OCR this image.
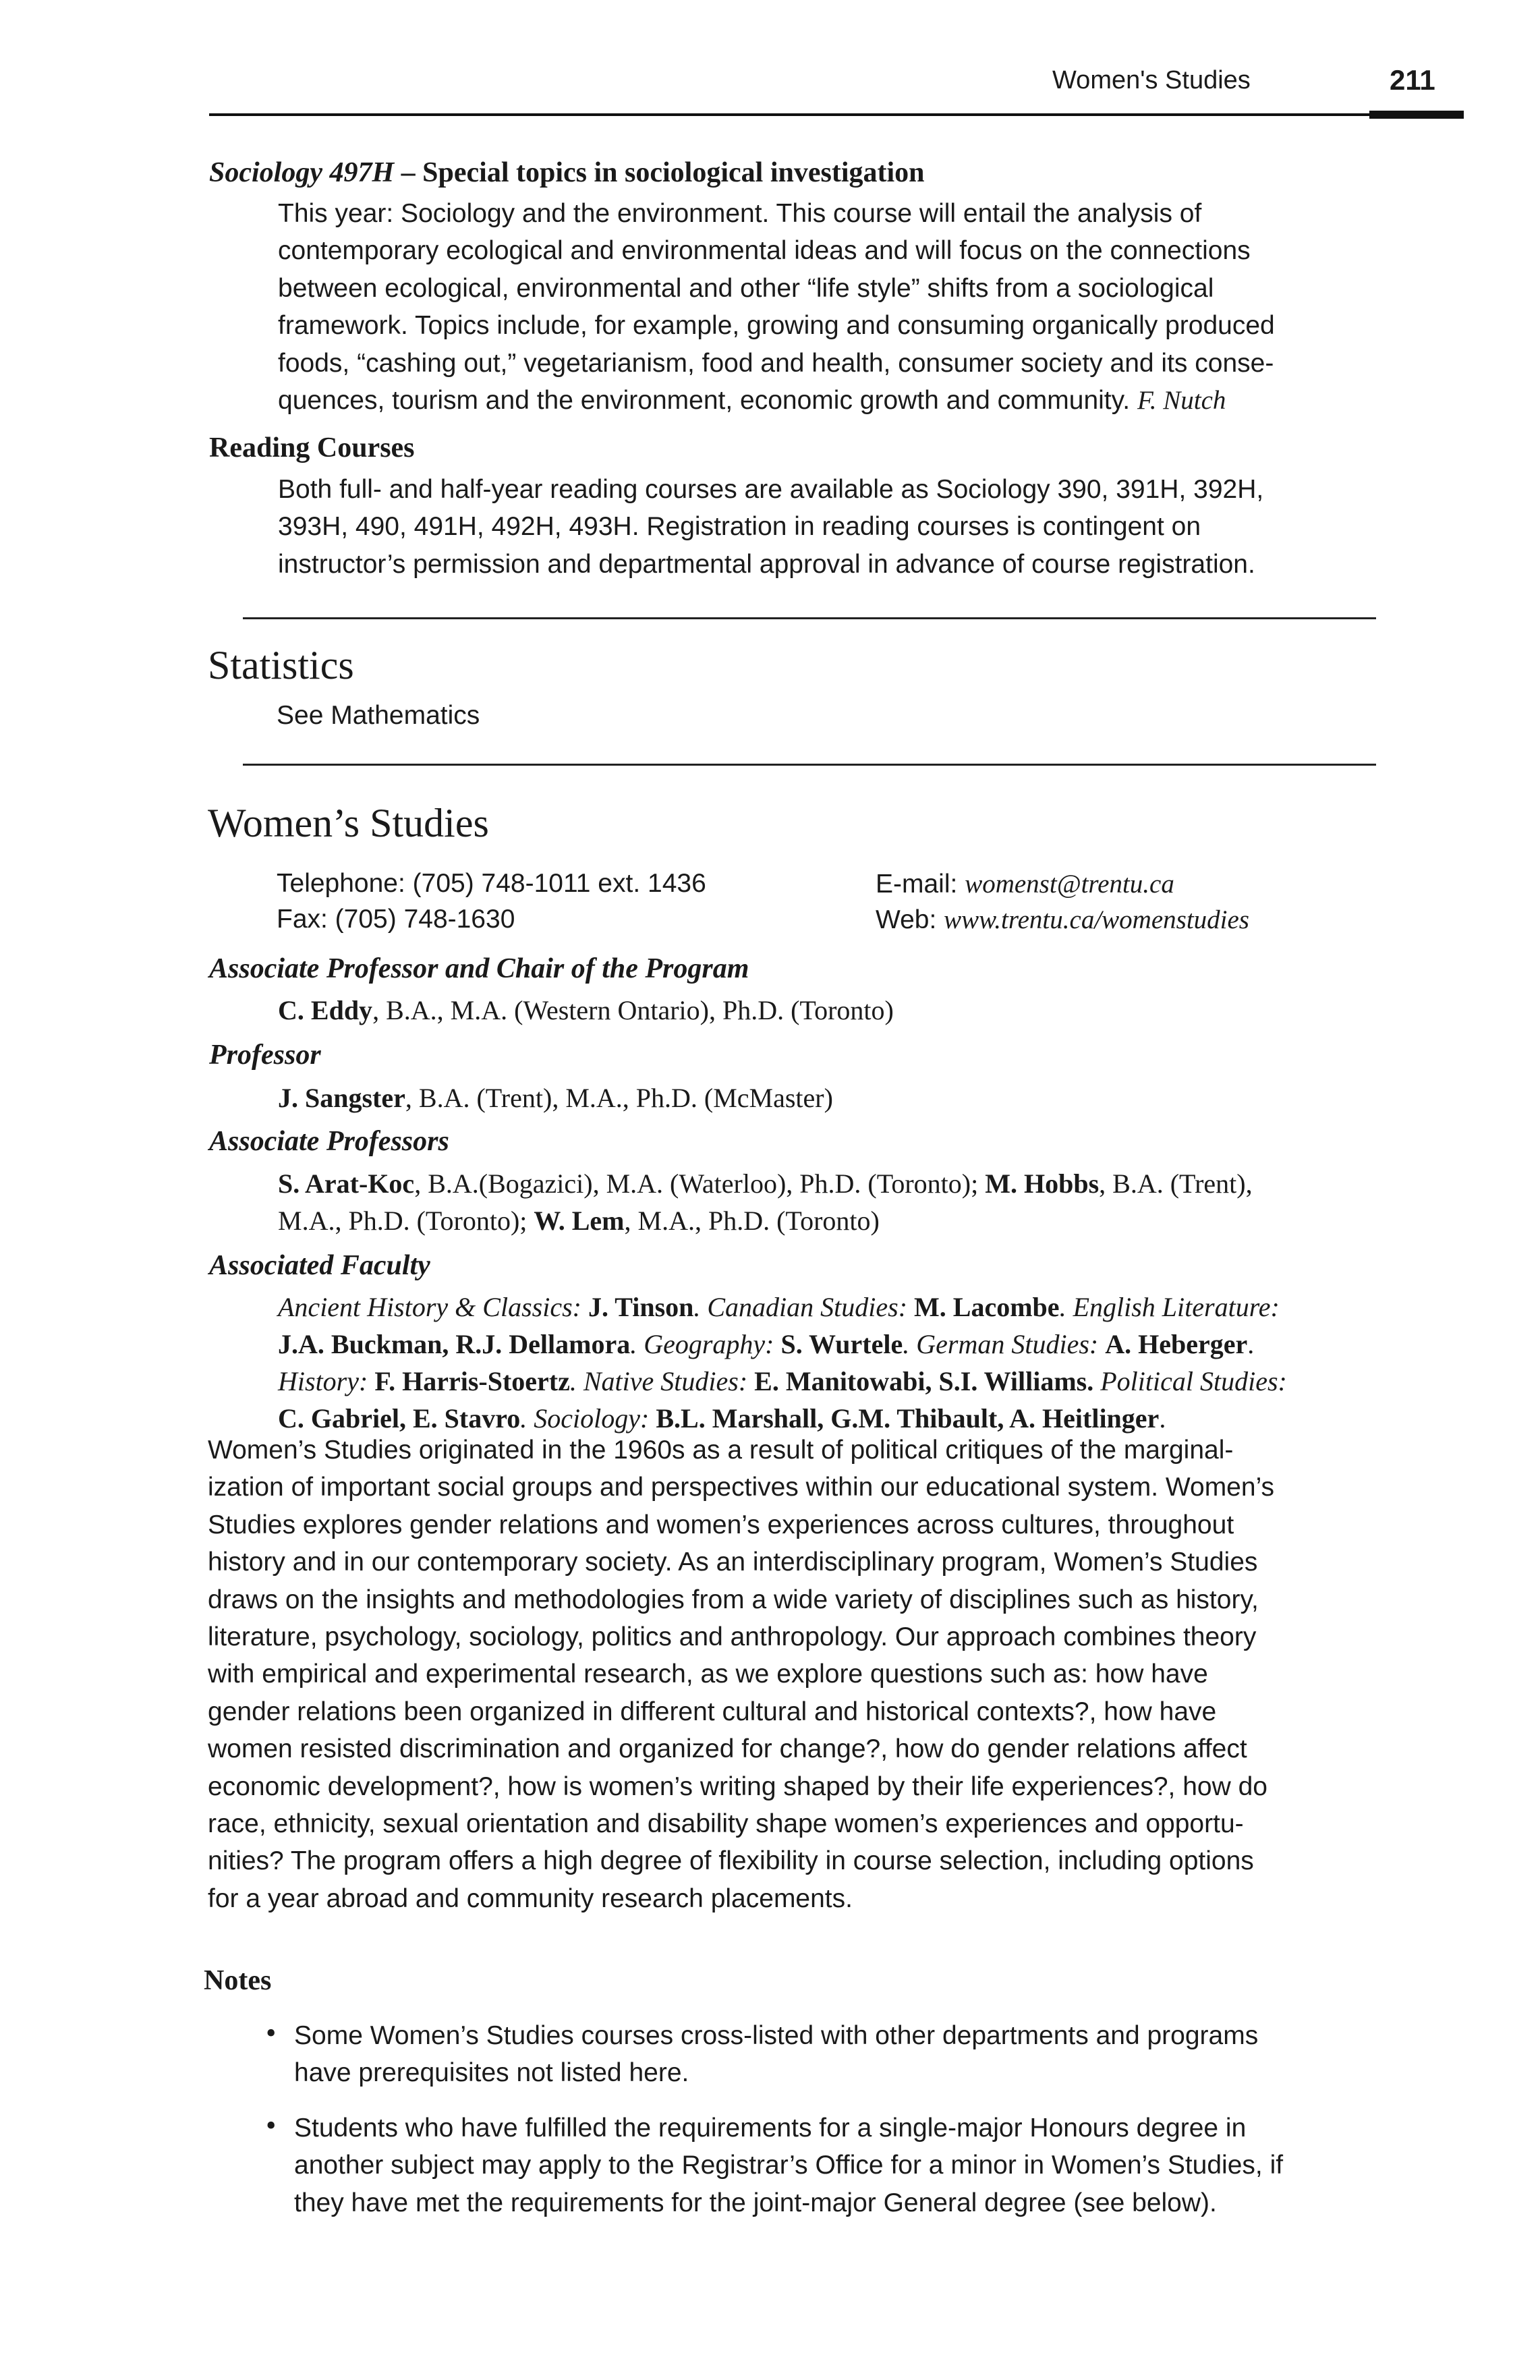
Women's Studies	211
Sociology 497H – Special topics in sociological investigation
This year: Sociology and the environment. This course will entail the analysis of
contemporary ecological and environmental ideas and will focus on the connections
between ecological, environmental and other “life style” shifts from a sociological
framework. Topics include, for example, growing and consuming organically produced
foods, “cashing out,” vegetarianism, food and health, consumer society and its conse-
quences, tourism and the environment, economic growth and community. F. Nutch
Reading Courses
Both full- and half-year reading courses are available as Sociology 390, 391H, 392H,
393H, 490, 491H, 492H, 493H. Registration in reading courses is contingent on
instructor’s permission and departmental approval in advance of course registration.
Statistics
See Mathematics
Women’s Studies
Telephone: (705) 748-1011 ext. 1436
Fax: (705) 748-1630
E-mail: womenst@trentu.ca
Web: www.trentu.ca/womenstudies
Associate Professor and Chair of the Program
C. Eddy, B.A., M.A. (Western Ontario), Ph.D. (Toronto)
Professor
J. Sangster, B.A. (Trent), M.A., Ph.D. (McMaster)
Associate Professors
S. Arat-Koc, B.A.(Bogazici), M.A. (Waterloo), Ph.D. (Toronto); M. Hobbs, B.A. (Trent),
M.A., Ph.D. (Toronto); W. Lem, M.A., Ph.D. (Toronto)
Associated Faculty
Ancient History & Classics: J. Tinson. Canadian Studies: M. Lacombe. English Literature:
J.A. Buckman, R.J. Dellamora. Geography: S. Wurtele. German Studies: A. Heberger.
History: F. Harris-Stoertz. Native Studies: E. Manitowabi, S.I. Williams. Political Studies:
C. Gabriel, E. Stavro. Sociology: B.L. Marshall, G.M. Thibault, A. Heitlinger.
Women’s Studies originated in the 1960s as a result of political critiques of the marginal-
ization of important social groups and perspectives within our educational system. Women’s
Studies explores gender relations and women’s experiences across cultures, throughout
history and in our contemporary society. As an interdisciplinary program, Women’s Studies
draws on the insights and methodologies from a wide variety of disciplines such as history,
literature, psychology, sociology, politics and anthropology. Our approach combines theory
with empirical and experimental research, as we explore questions such as: how have
gender relations been organized in different cultural and historical contexts?, how have
women resisted discrimination and organized for change?, how do gender relations affect
economic development?, how is women’s writing shaped by their life experiences?, how do
race, ethnicity, sexual orientation and disability shape women’s experiences and opportu-
nities? The program offers a high degree of flexibility in course selection, including options
for a year abroad and community research placements.
Notes
• Some Women’s Studies courses cross-listed with other departments and programs
have prerequisites not listed here.
• Students who have fulfilled the requirements for a single-major Honours degree in
another subject may apply to the Registrar’s Office for a minor in Women’s Studies, if
they have met the requirements for the joint-major General degree (see below).
